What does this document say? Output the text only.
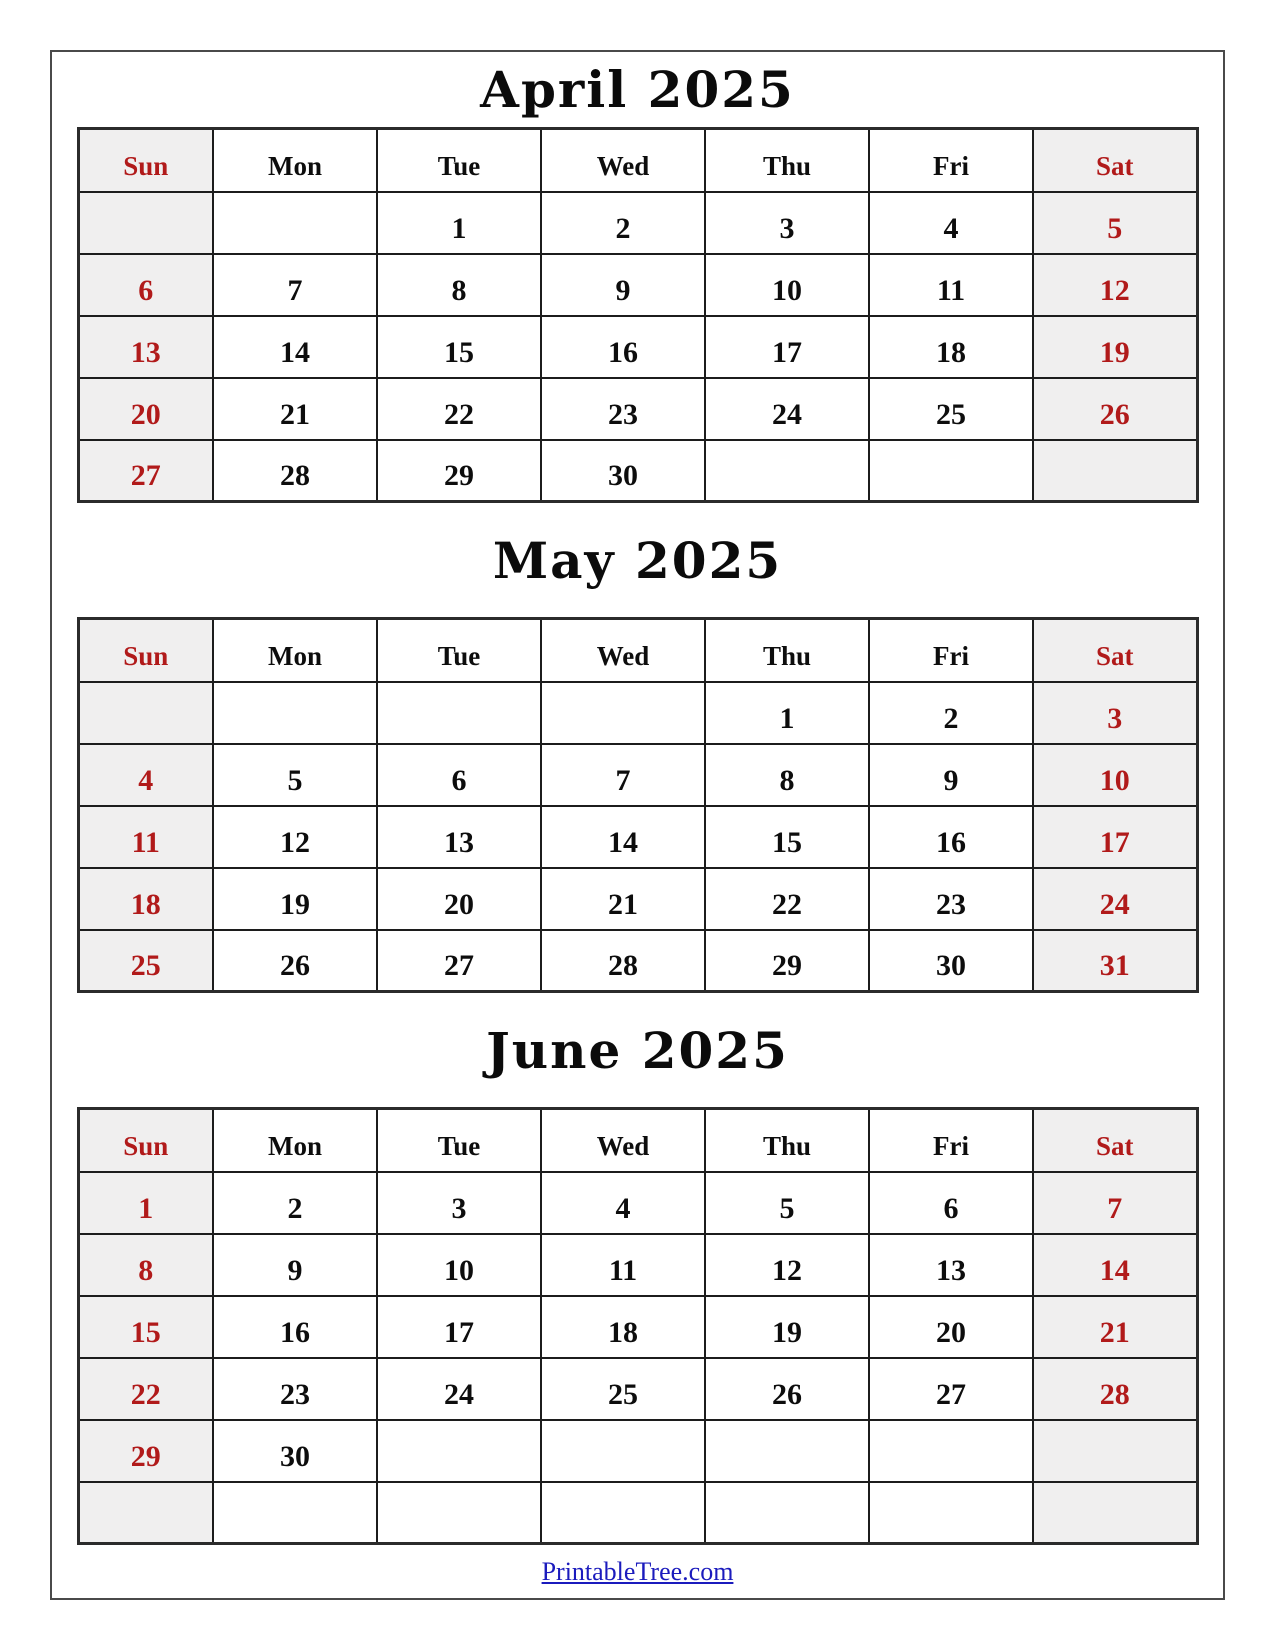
April 2025
Sun	Mon	Tue	Wed	Thu	Fri	Sat
		1	2	3	4	5
6	7	8	9	10	11	12
13	14	15	16	17	18	19
20	21	22	23	24	25	26
27	28	29	30			
May 2025
Sun	Mon	Tue	Wed	Thu	Fri	Sat
				1	2	3
4	5	6	7	8	9	10
11	12	13	14	15	16	17
18	19	20	21	22	23	24
25	26	27	28	29	30	31
June 2025
Sun	Mon	Tue	Wed	Thu	Fri	Sat
1	2	3	4	5	6	7
8	9	10	11	12	13	14
15	16	17	18	19	20	21
22	23	24	25	26	27	28
29	30					

PrintableTree.com
